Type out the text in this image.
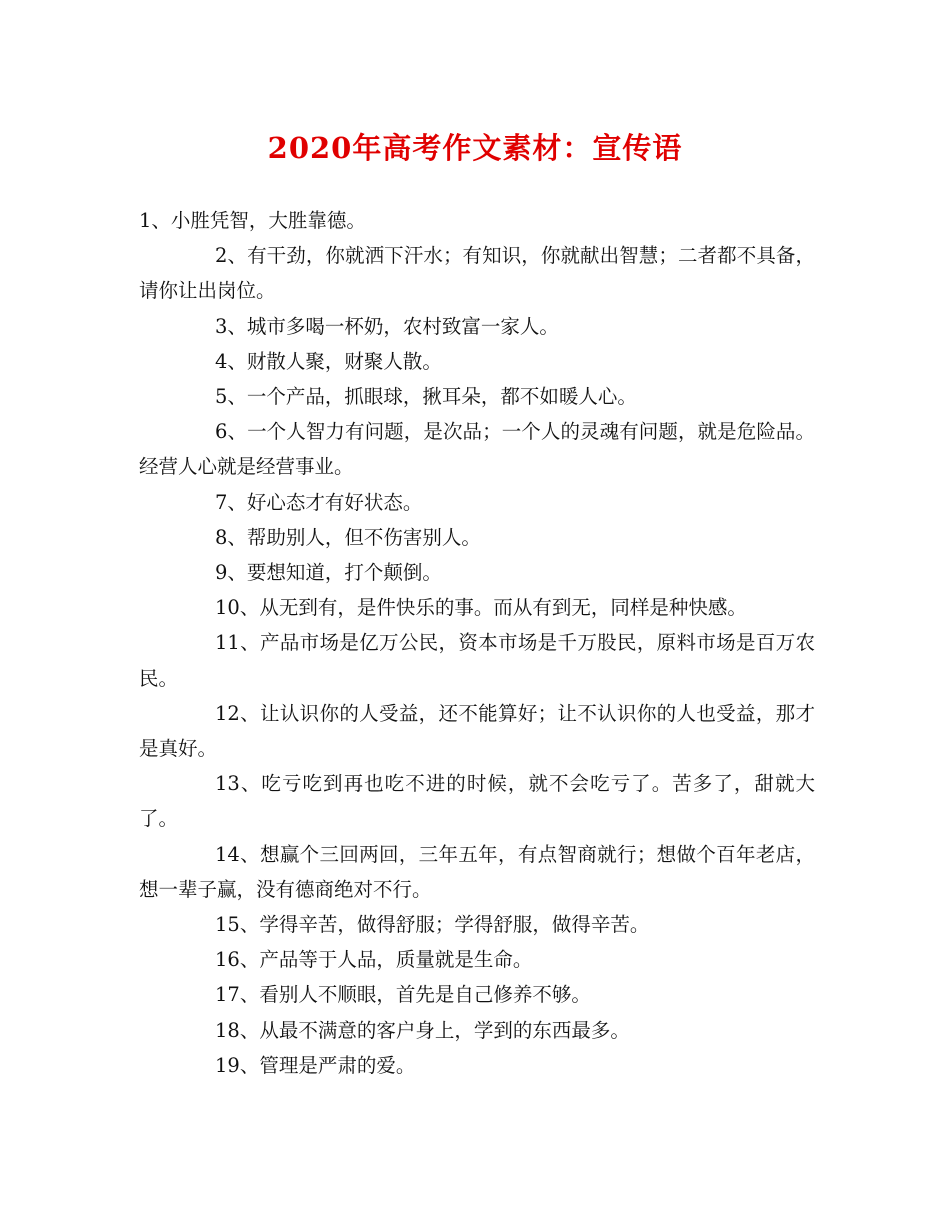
2020年高考作文素材：宣传语

1、小胜凭智，大胜靠德。

2、有干劲，你就洒下汗水；有知识，你就献出智慧；二者都不具备，请你让出岗位。

3、城市多喝一杯奶，农村致富一家人。

4、财散人聚，财聚人散。

5、一个产品，抓眼球，揪耳朵，都不如暖人心。

6、一个人智力有问题，是次品；一个人的灵魂有问题，就是危险品。经营人心就是经营事业。

7、好心态才有好状态。

8、帮助别人，但不伤害别人。

9、要想知道，打个颠倒。

10、从无到有，是件快乐的事。而从有到无，同样是种快感。

11、产品市场是亿万公民，资本市场是千万股民，原料市场是百万农民。

12、让认识你的人受益，还不能算好；让不认识你的人也受益，那才是真好。

13、吃亏吃到再也吃不进的时候，就不会吃亏了。苦多了，甜就大了。

14、想赢个三回两回，三年五年，有点智商就行；想做个百年老店，想一辈子赢，没有德商绝对不行。

15、学得辛苦，做得舒服；学得舒服，做得辛苦。

16、产品等于人品，质量就是生命。

17、看别人不顺眼，首先是自己修养不够。

18、从最不满意的客户身上，学到的东西最多。

19、管理是严肃的爱。
